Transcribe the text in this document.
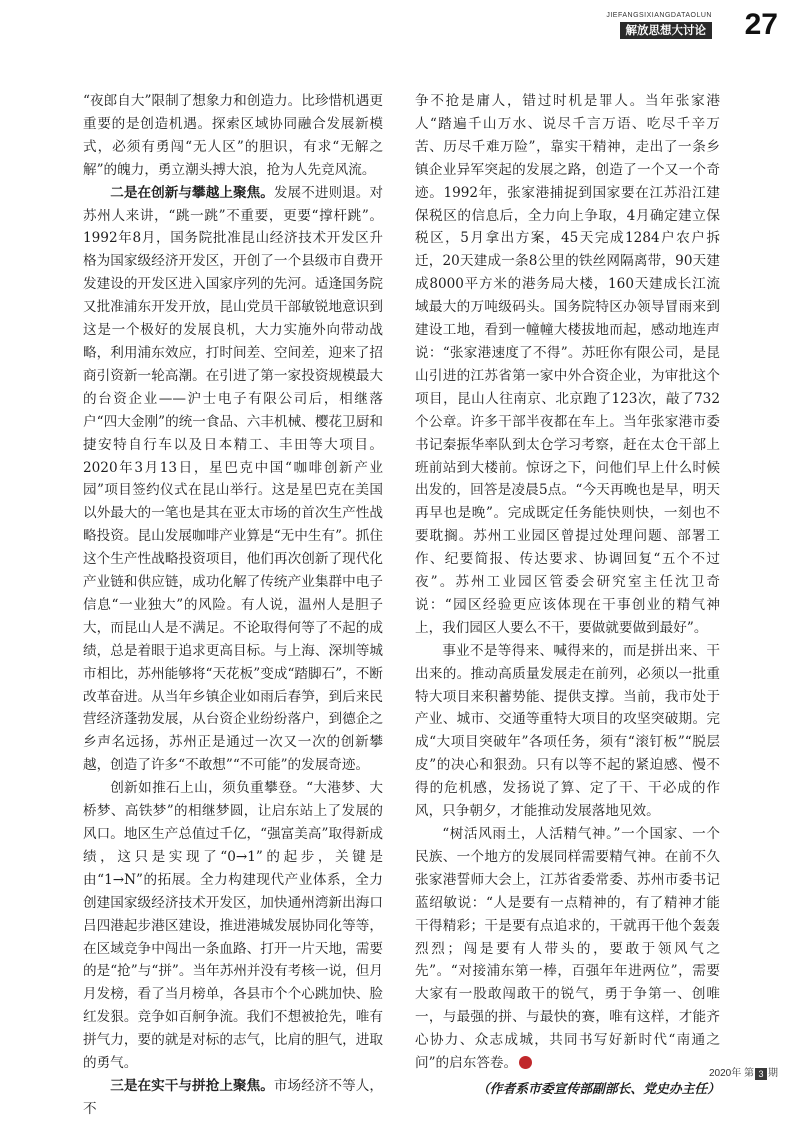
JIEFANGSIXIANGDATAOLUN
解放思想大讨论 27

“夜郎自大”限制了想象力和创造力。比珍惜机遇更重要的是创造机遇。探索区域协同融合发展新模式，必须有勇闯“无人区”的胆识，有求“无解之解”的魄力，勇立潮头搏大浪，抢为人先竞风流。

二是在创新与攀越上聚焦。发展不进则退。对苏州人来讲，“跳一跳”不重要，更要“撑杆跳”。1992年8月，国务院批准昆山经济技术开发区升格为国家级经济开发区，开创了一个县级市自费开发建设的开发区进入国家序列的先河。适逢国务院又批准浦东开发开放，昆山党员干部敏锐地意识到这是一个极好的发展良机，大力实施外向带动战略，利用浦东效应，打时间差、空间差，迎来了招商引资新一轮高潮。在引进了第一家投资规模最大的台资企业——沪士电子有限公司后，相继落户“四大金刚”的统一食品、六丰机械、樱花卫厨和捷安特自行车以及日本精工、丰田等大项目。2020年3月13日，星巴克中国“咖啡创新产业园”项目签约仪式在昆山举行。这是星巴克在美国以外最大的一笔也是其在亚太市场的首次生产性战略投资。昆山发展咖啡产业算是“无中生有”。抓住这个生产性战略投资项目，他们再次创新了现代化产业链和供应链，成功化解了传统产业集群中电子信息“一业独大”的风险。有人说，温州人是胆子大，而昆山人是不满足。不论取得何等了不起的成绩，总是着眼于追求更高目标。与上海、深圳等城市相比，苏州能够将“天花板”变成“踏脚石”，不断改革奋进。从当年乡镇企业如雨后春笋，到后来民营经济蓬勃发展，从台资企业纷纷落户，到德企之乡声名远扬，苏州正是通过一次又一次的创新攀越，创造了许多“不敢想”“不可能”的发展奇迹。

创新如推石上山，须负重攀登。“大港梦、大桥梦、高铁梦”的相继梦圆，让启东站上了发展的风口。地区生产总值过千亿，“强富美高”取得新成绩，这只是实现了“0→1”的起步，关键是由“1→N”的拓展。全力构建现代产业体系，全力创建国家级经济技术开发区，加快通州湾新出海口吕四港起步港区建设，推进港城发展协同化等等，在区域竞争中闯出一条血路、打开一片天地，需要的是“抢”与“拼”。当年苏州并没有考核一说，但月月发榜，看了当月榜单，各县市个个心跳加快、脸红发狠。竞争如百舸争流。我们不想被抢先，唯有拼气力，要的就是对标的志气，比肩的胆气，进取的勇气。

三是在实干与拼抢上聚焦。市场经济不等人，不

争不抢是庸人，错过时机是罪人。当年张家港人“踏遍千山万水、说尽千言万语、吃尽千辛万苦、历尽千难万险”，靠实干精神，走出了一条乡镇企业异军突起的发展之路，创造了一个又一个奇迹。1992年，张家港捕捉到国家要在江苏沿江建保税区的信息后，全力向上争取，4月确定建立保税区，5月拿出方案，45天完成1284户农户拆迁，20天建成一条8公里的铁丝网隔离带，90天建成8000平方米的港务局大楼，160天建成长江流域最大的万吨级码头。国务院特区办领导冒雨来到建设工地，看到一幢幢大楼拔地而起，感动地连声说：“张家港速度了不得”。苏旺你有限公司，是昆山引进的江苏省第一家中外合资企业，为审批这个项目，昆山人往南京、北京跑了123次，敲了732个公章。许多干部半夜都在车上。当年张家港市委书记秦振华率队到太仓学习考察，赶在太仓干部上班前站到大楼前。惊讶之下，问他们早上什么时候出发的，回答是凌晨5点。“今天再晚也是早，明天再早也是晚”。完成既定任务能快则快，一刻也不要耽搁。苏州工业园区曾提过处理问题、部署工作、纪要简报、传达要求、协调回复“五个不过夜”。苏州工业园区管委会研究室主任沈卫奇说：“园区经验更应该体现在干事创业的精气神上，我们园区人要么不干，要做就要做到最好”。

事业不是等得来、喊得来的，而是拼出来、干出来的。推动高质量发展走在前列，必须以一批重特大项目来积蓄势能、提供支撑。当前，我市处于产业、城市、交通等重特大项目的攻坚突破期。完成“大项目突破年”各项任务，须有“滚钉板”“脱层皮”的决心和狠劲。只有以等不起的紧迫感、慢不得的危机感，发扬说了算、定了干、干必成的作风，只争朝夕，才能推动发展落地见效。

“树活风雨土，人活精气神。”一个国家、一个民族、一个地方的发展同样需要精气神。在前不久张家港誓师大会上，江苏省委常委、苏州市委书记蓝绍敏说：“人是要有一点精神的，有了精神才能干得精彩；干是要有点追求的，干就再干他个轰轰烈烈；闯是要有人带头的，要敢于领风气之先”。“对接浦东第一棒，百强年年进两位”，需要大家有一股敢闯敢干的锐气，勇于争第一、创唯一，与最强的拼、与最快的赛，唯有这样，才能齐心协力、众志成城，共同书写好新时代“南通之问”的启东答卷。

（作者系市委宣传部副部长、党史办主任）
2020年 第 3 期
